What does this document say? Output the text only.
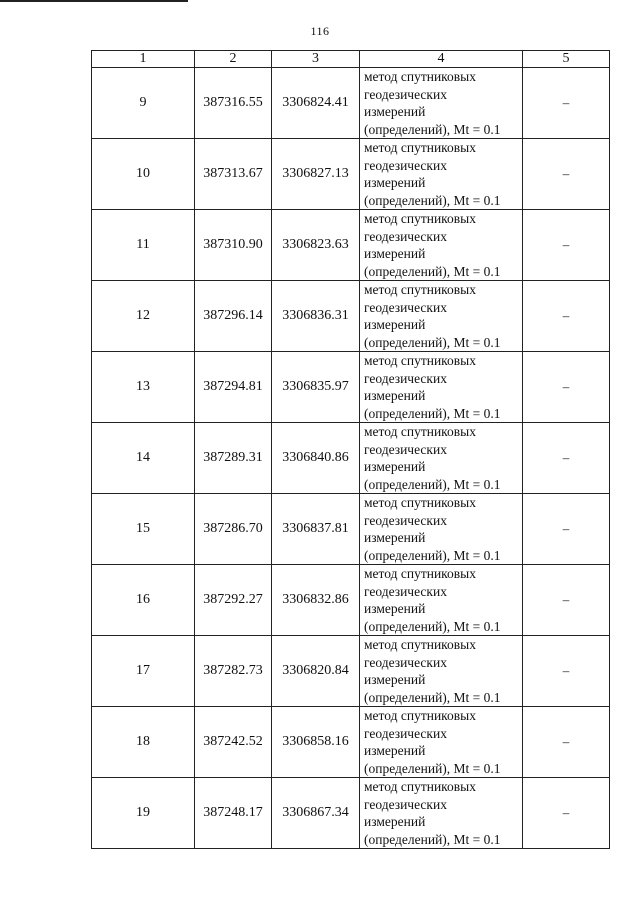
116
1	2	3	4	5
9	387316.55	3306824.41	метод спутниковых
геодезических
измерений
(определений), Mt = 0.1	–
10	387313.67	3306827.13	метод спутниковых
геодезических
измерений
(определений), Mt = 0.1	–
11	387310.90	3306823.63	метод спутниковых
геодезических
измерений
(определений), Mt = 0.1	–
12	387296.14	3306836.31	метод спутниковых
геодезических
измерений
(определений), Mt = 0.1	–
13	387294.81	3306835.97	метод спутниковых
геодезических
измерений
(определений), Mt = 0.1	–
14	387289.31	3306840.86	метод спутниковых
геодезических
измерений
(определений), Mt = 0.1	–
15	387286.70	3306837.81	метод спутниковых
геодезических
измерений
(определений), Mt = 0.1	–
16	387292.27	3306832.86	метод спутниковых
геодезических
измерений
(определений), Mt = 0.1	–
17	387282.73	3306820.84	метод спутниковых
геодезических
измерений
(определений), Mt = 0.1	–
18	387242.52	3306858.16	метод спутниковых
геодезических
измерений
(определений), Mt = 0.1	–
19	387248.17	3306867.34	метод спутниковых
геодезических
измерений
(определений), Mt = 0.1	–
